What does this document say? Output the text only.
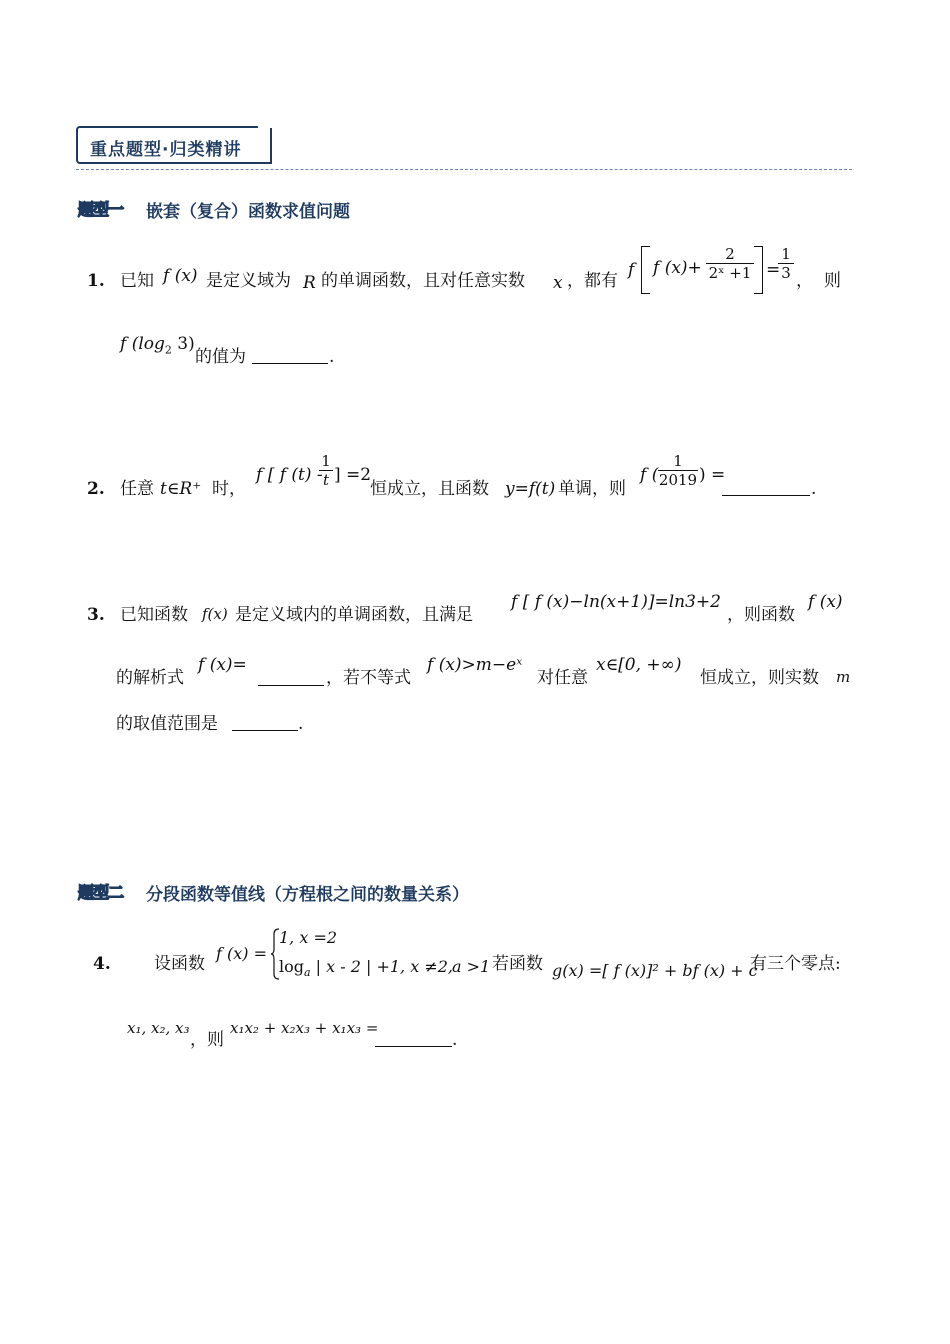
重点题型·归类精讲
题型一 嵌套（复合）函数求值问题
1. 已知 f (x) 是定义域为 R 的单调函数，且对任意实数 x ，都有
f f $(x)+ \frac{2}{\text{2ˣ +1}}$ =
$\frac{1}{3}$ ， 则
f ($\log_2$ 3)
的值为	.
2. 任意 t∈R⁺ 时，
f [ f (t) -
$\frac{1}{t}$ ] =2
恒成立，且函数 y=f(t) 单调，则
f ( $\frac{1}{2019}$ ) =
.
3. 已知函数 f(x) 是定义域内的单调函数，且满足
f [ f (x)−ln(x+1)]=ln3+2
，则函数
f (x)
的解析式
f (x)=
，若不等式
f (x)>m−eˣ
对任意
x∈[0, +∞)
恒成立，则实数 m
的取值范围是	.
题型二 分段函数等值线（方程根之间的数量关系）
4.	设函数
f (x) =
1, x =2
$\log_a$ | x - 2 | +1, x ≠2,
a >1 若函数 g(x) =[ f (x)]² + bf (x) + c
有三个零点:
x₁, x₂, x₃
，则
x₁x₂ + x₂x₃ + x₁x₃ =
.
